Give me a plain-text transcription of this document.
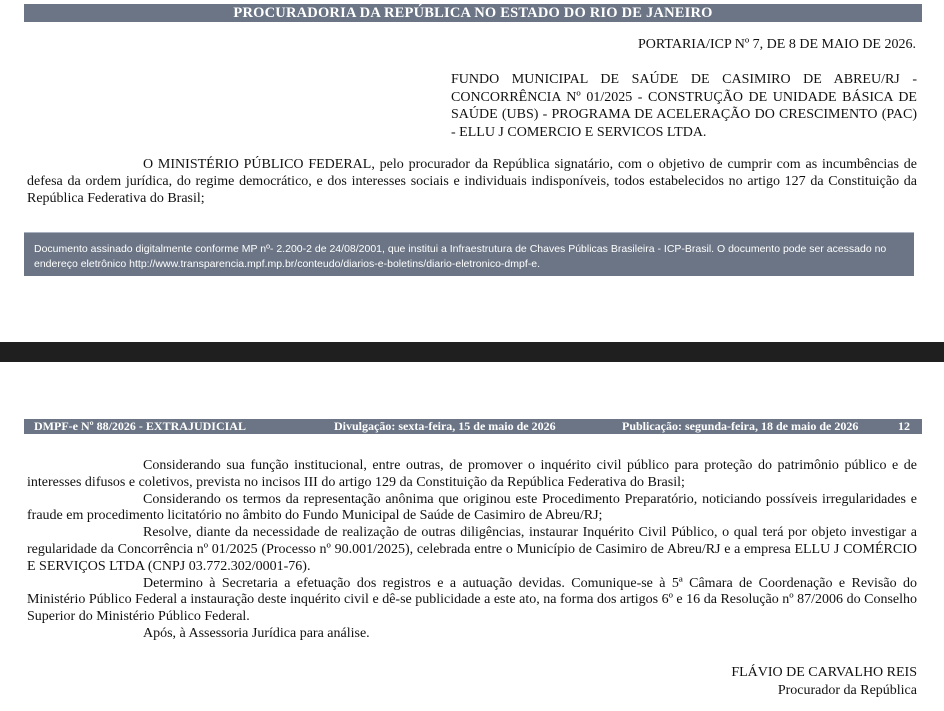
PROCURADORIA DA REPÚBLICA NO ESTADO DO RIO DE JANEIRO
PORTARIA/ICP Nº 7, DE 8 DE MAIO DE 2026.
FUNDO MUNICIPAL DE SAÚDE DE CASIMIRO DE ABREU/RJ - CONCORRÊNCIA Nº 01/2025 - CONSTRUÇÃO DE UNIDADE BÁSICA DE SAÚDE (UBS) - PROGRAMA DE ACELERAÇÃO DO CRESCIMENTO (PAC) - ELLU J COMERCIO E SERVICOS LTDA.
O MINISTÉRIO PÚBLICO FEDERAL, pelo procurador da República signatário, com o objetivo de cumprir com as incumbências de defesa da ordem jurídica, do regime democrático, e dos interesses sociais e individuais indisponíveis, todos estabelecidos no artigo 127 da Constituição da República Federativa do Brasil;
Documento assinado digitalmente conforme MP nº- 2.200-2 de 24/08/2001, que institui a Infraestrutura de Chaves Públicas Brasileira - ICP-Brasil. O documento pode ser acessado no endereço eletrônico http://www.transparencia.mpf.mp.br/conteudo/diarios-e-boletins/diario-eletronico-dmpf-e.
DMPF-e Nº 88/2026 - EXTRAJUDICIAL	Divulgação: sexta-feira, 15 de maio de 2026	Publicação: segunda-feira, 18 de maio de 2026	12

Considerando sua função institucional, entre outras, de promover o inquérito civil público para proteção do patrimônio público e de interesses difusos e coletivos, prevista no incisos III do artigo 129 da Constituição da República Federativa do Brasil;

Considerando os termos da representação anônima que originou este Procedimento Preparatório, noticiando possíveis irregularidades e fraude em procedimento licitatório no âmbito do Fundo Municipal de Saúde de Casimiro de Abreu/RJ;

Resolve, diante da necessidade de realização de outras diligências, instaurar Inquérito Civil Público, o qual terá por objeto investigar a regularidade da Concorrência nº 01/2025 (Processo nº 90.001/2025), celebrada entre o Município de Casimiro de Abreu/RJ e a empresa ELLU J COMÉRCIO E SERVIÇOS LTDA (CNPJ 03.772.302/0001-76).

Determino à Secretaria a efetuação dos registros e a autuação devidas. Comunique-se à 5ª Câmara de Coordenação e Revisão do Ministério Público Federal a instauração deste inquérito civil e dê-se publicidade a este ato, na forma dos artigos 6º e 16 da Resolução nº 87/2006 do Conselho Superior do Ministério Público Federal.

Após, à Assessoria Jurídica para análise.

FLÁVIO DE CARVALHO REIS
Procurador da República
